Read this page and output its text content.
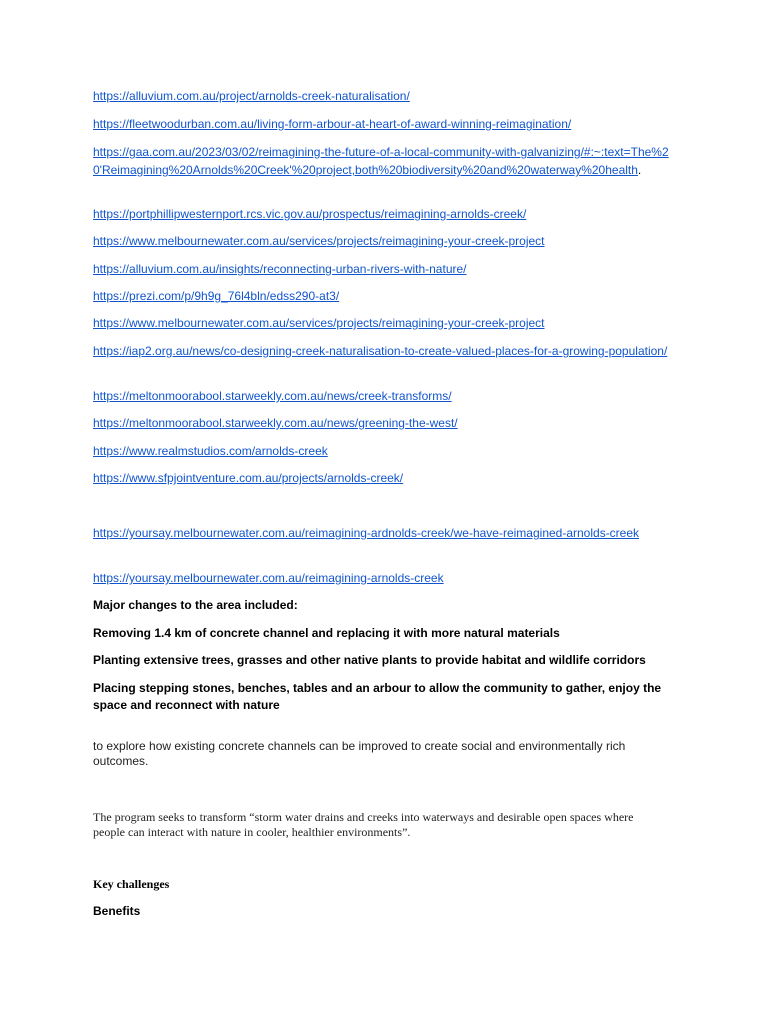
https://alluvium.com.au/project/arnolds-creek-naturalisation/
https://fleetwoodurban.com.au/living-form-arbour-at-heart-of-award-winning-reimagination/
https://gaa.com.au/2023/03/02/reimagining-the-future-of-a-local-community-with-galvanizing/#:~:text=The%20'Reimagining%20Arnolds%20Creek'%20project,both%20biodiversity%20and%20waterway%20health.
https://portphillipwesternport.rcs.vic.gov.au/prospectus/reimagining-arnolds-creek/
https://www.melbournewater.com.au/services/projects/reimagining-your-creek-project
https://alluvium.com.au/insights/reconnecting-urban-rivers-with-nature/
https://prezi.com/p/9h9g_76l4bln/edss290-at3/
https://www.melbournewater.com.au/services/projects/reimagining-your-creek-project
https://iap2.org.au/news/co-designing-creek-naturalisation-to-create-valued-places-for-a-growing-population/
https://meltonmoorabool.starweekly.com.au/news/creek-transforms/
https://meltonmoorabool.starweekly.com.au/news/greening-the-west/
https://www.realmstudios.com/arnolds-creek
https://www.sfpjointventure.com.au/projects/arnolds-creek/
https://yoursay.melbournewater.com.au/reimagining-ardnolds-creek/we-have-reimagined-arnolds-creek
https://yoursay.melbournewater.com.au/reimagining-arnolds-creek
Major changes to the area included:
Removing 1.4 km of concrete channel and replacing it with more natural materials
Planting extensive trees, grasses and other native plants to provide habitat and wildlife corridors
Placing stepping stones, benches, tables and an arbour to allow the community to gather, enjoy the space and reconnect with nature
to explore how existing concrete channels can be improved to create social and environmentally rich outcomes.
The program seeks to transform “storm water drains and creeks into waterways and desirable open spaces where people can interact with nature in cooler, healthier environments”.
Key challenges
Benefits
